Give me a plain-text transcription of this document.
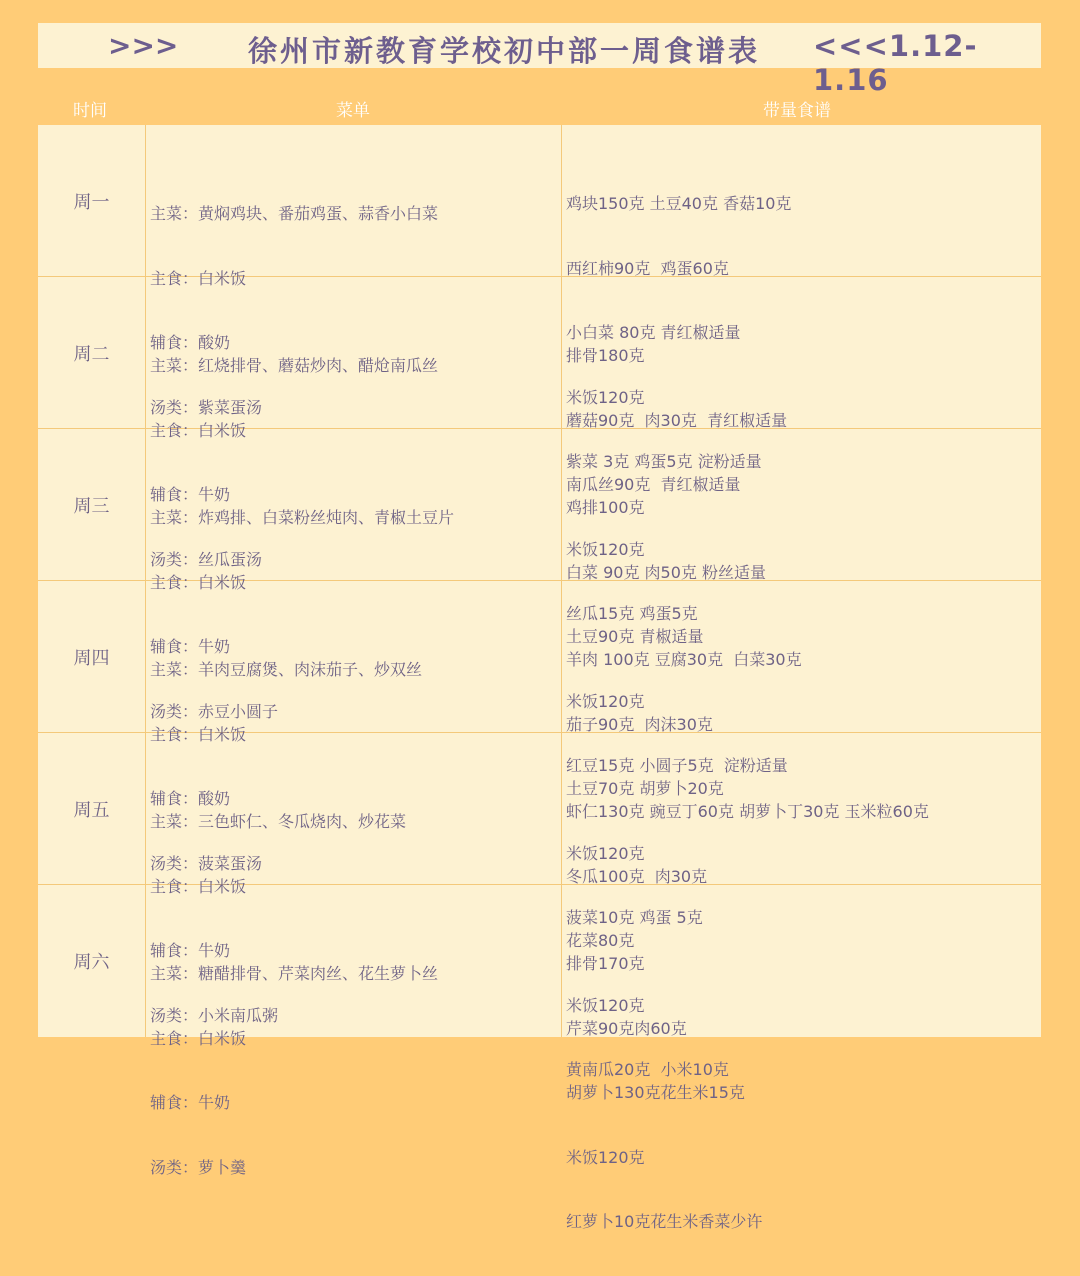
>>> 徐州市新教育学校初中部一周食谱表 <<<1.12-1.16
时间	菜单	带量食谱
周一

主菜：黄焖鸡块、番茄鸡蛋、蒜香小白菜

主食：白米饭

辅食：酸奶

汤类：紫菜蛋汤

鸡块150克 土豆40克 香菇10克

西红柿90克  鸡蛋60克

小白菜 80克 青红椒适量

米饭120克

紫菜 3克 鸡蛋5克 淀粉适量

周二

主菜：红烧排骨、蘑菇炒肉、醋炝南瓜丝

主食：白米饭

辅食：牛奶

汤类：丝瓜蛋汤

排骨180克

蘑菇90克  肉30克  青红椒适量

南瓜丝90克  青红椒适量

米饭120克

丝瓜15克 鸡蛋5克

周三

主菜：炸鸡排、白菜粉丝炖肉、青椒土豆片

主食：白米饭

辅食：牛奶

汤类：赤豆小圆子

鸡排100克

白菜 90克 肉50克 粉丝适量

土豆90克 青椒适量

米饭120克

红豆15克 小圆子5克  淀粉适量

周四

主菜：羊肉豆腐煲、肉沫茄子、炒双丝

主食：白米饭

辅食：酸奶

汤类：菠菜蛋汤

羊肉 100克 豆腐30克  白菜30克

茄子90克  肉沫30克

土豆70克 胡萝卜20克

米饭120克

菠菜10克 鸡蛋 5克

周五

主菜：三色虾仁、冬瓜烧肉、炒花菜

主食：白米饭

辅食：牛奶

汤类：小米南瓜粥

虾仁130克 豌豆丁60克 胡萝卜丁30克 玉米粒60克

冬瓜100克  肉30克

花菜80克

米饭120克

黄南瓜20克  小米10克

周六

主菜：糖醋排骨、芹菜肉丝、花生萝卜丝

主食：白米饭

辅食：牛奶

汤类：萝卜羹

排骨170克

芹菜90克肉60克

胡萝卜130克花生米15克

米饭120克

红萝卜10克花生米香菜少许
